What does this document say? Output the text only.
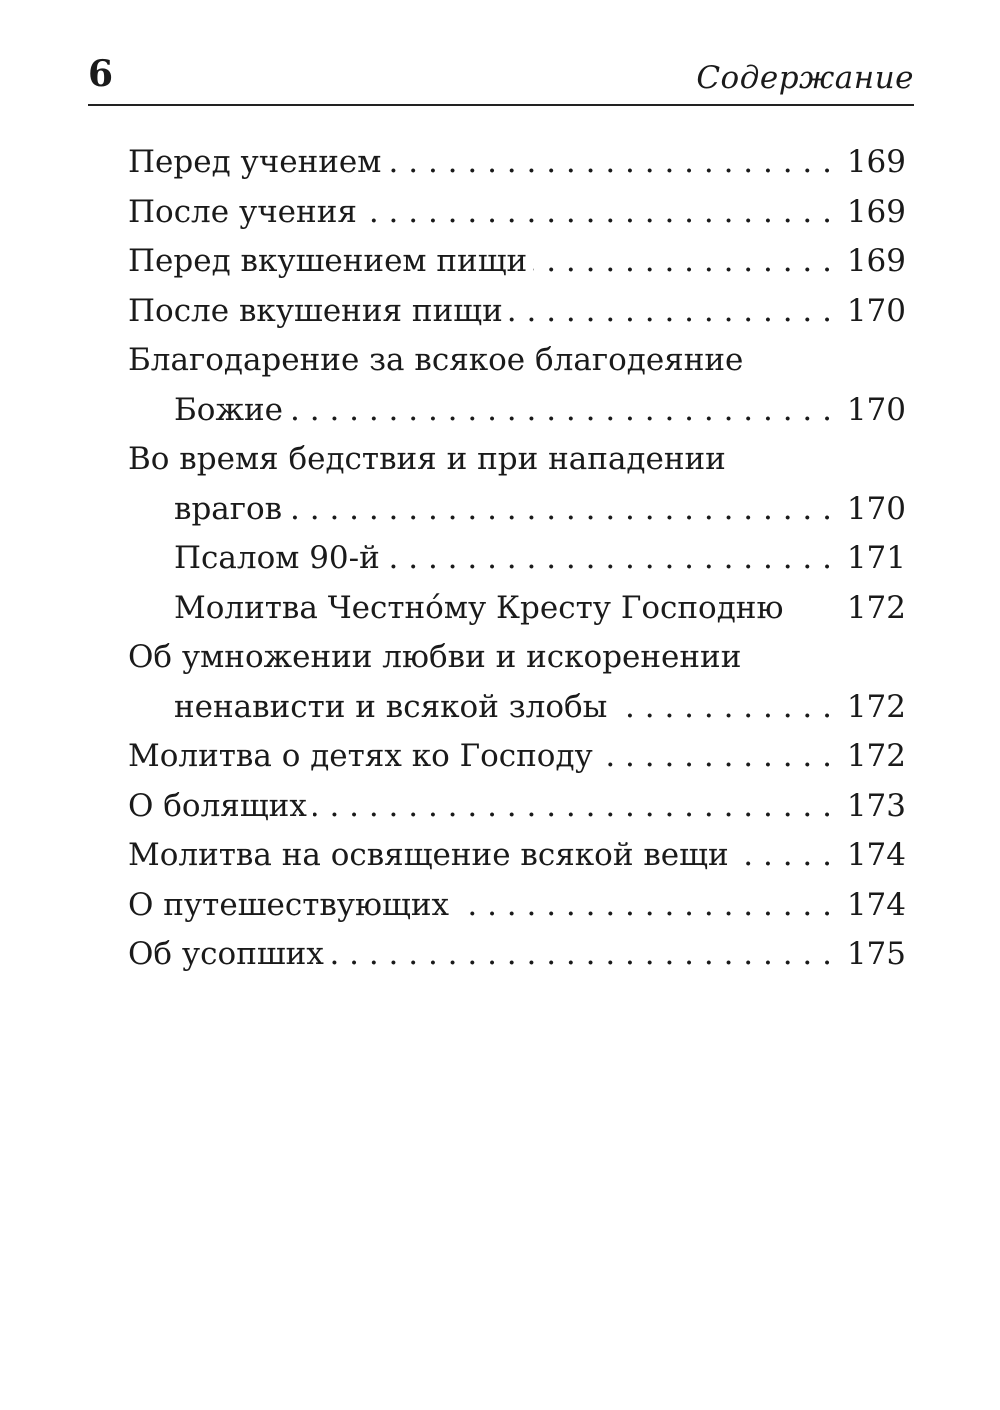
6	Содержание
Перед учением . . .	169
После учения . . .	169
Перед вкушением пищи . . .	169
После вкушения пищи . . .	170
Благодарение за всякое благодеяние
Божие . . .	170
Во время бедствия и при нападении
врагов . . .	170
Псалом 90-й . . .	171
Молитва Честно́му Кресту Господню 172
Об умножении любви и искоренении
ненависти и всякой злобы . . .	172
Молитва о детях ко Господу . . .	172
О болящих . . .	173
Молитва на освящение всякой вещи . . .	174
О путешествующих . . .	174
Об усопших . . .	175
